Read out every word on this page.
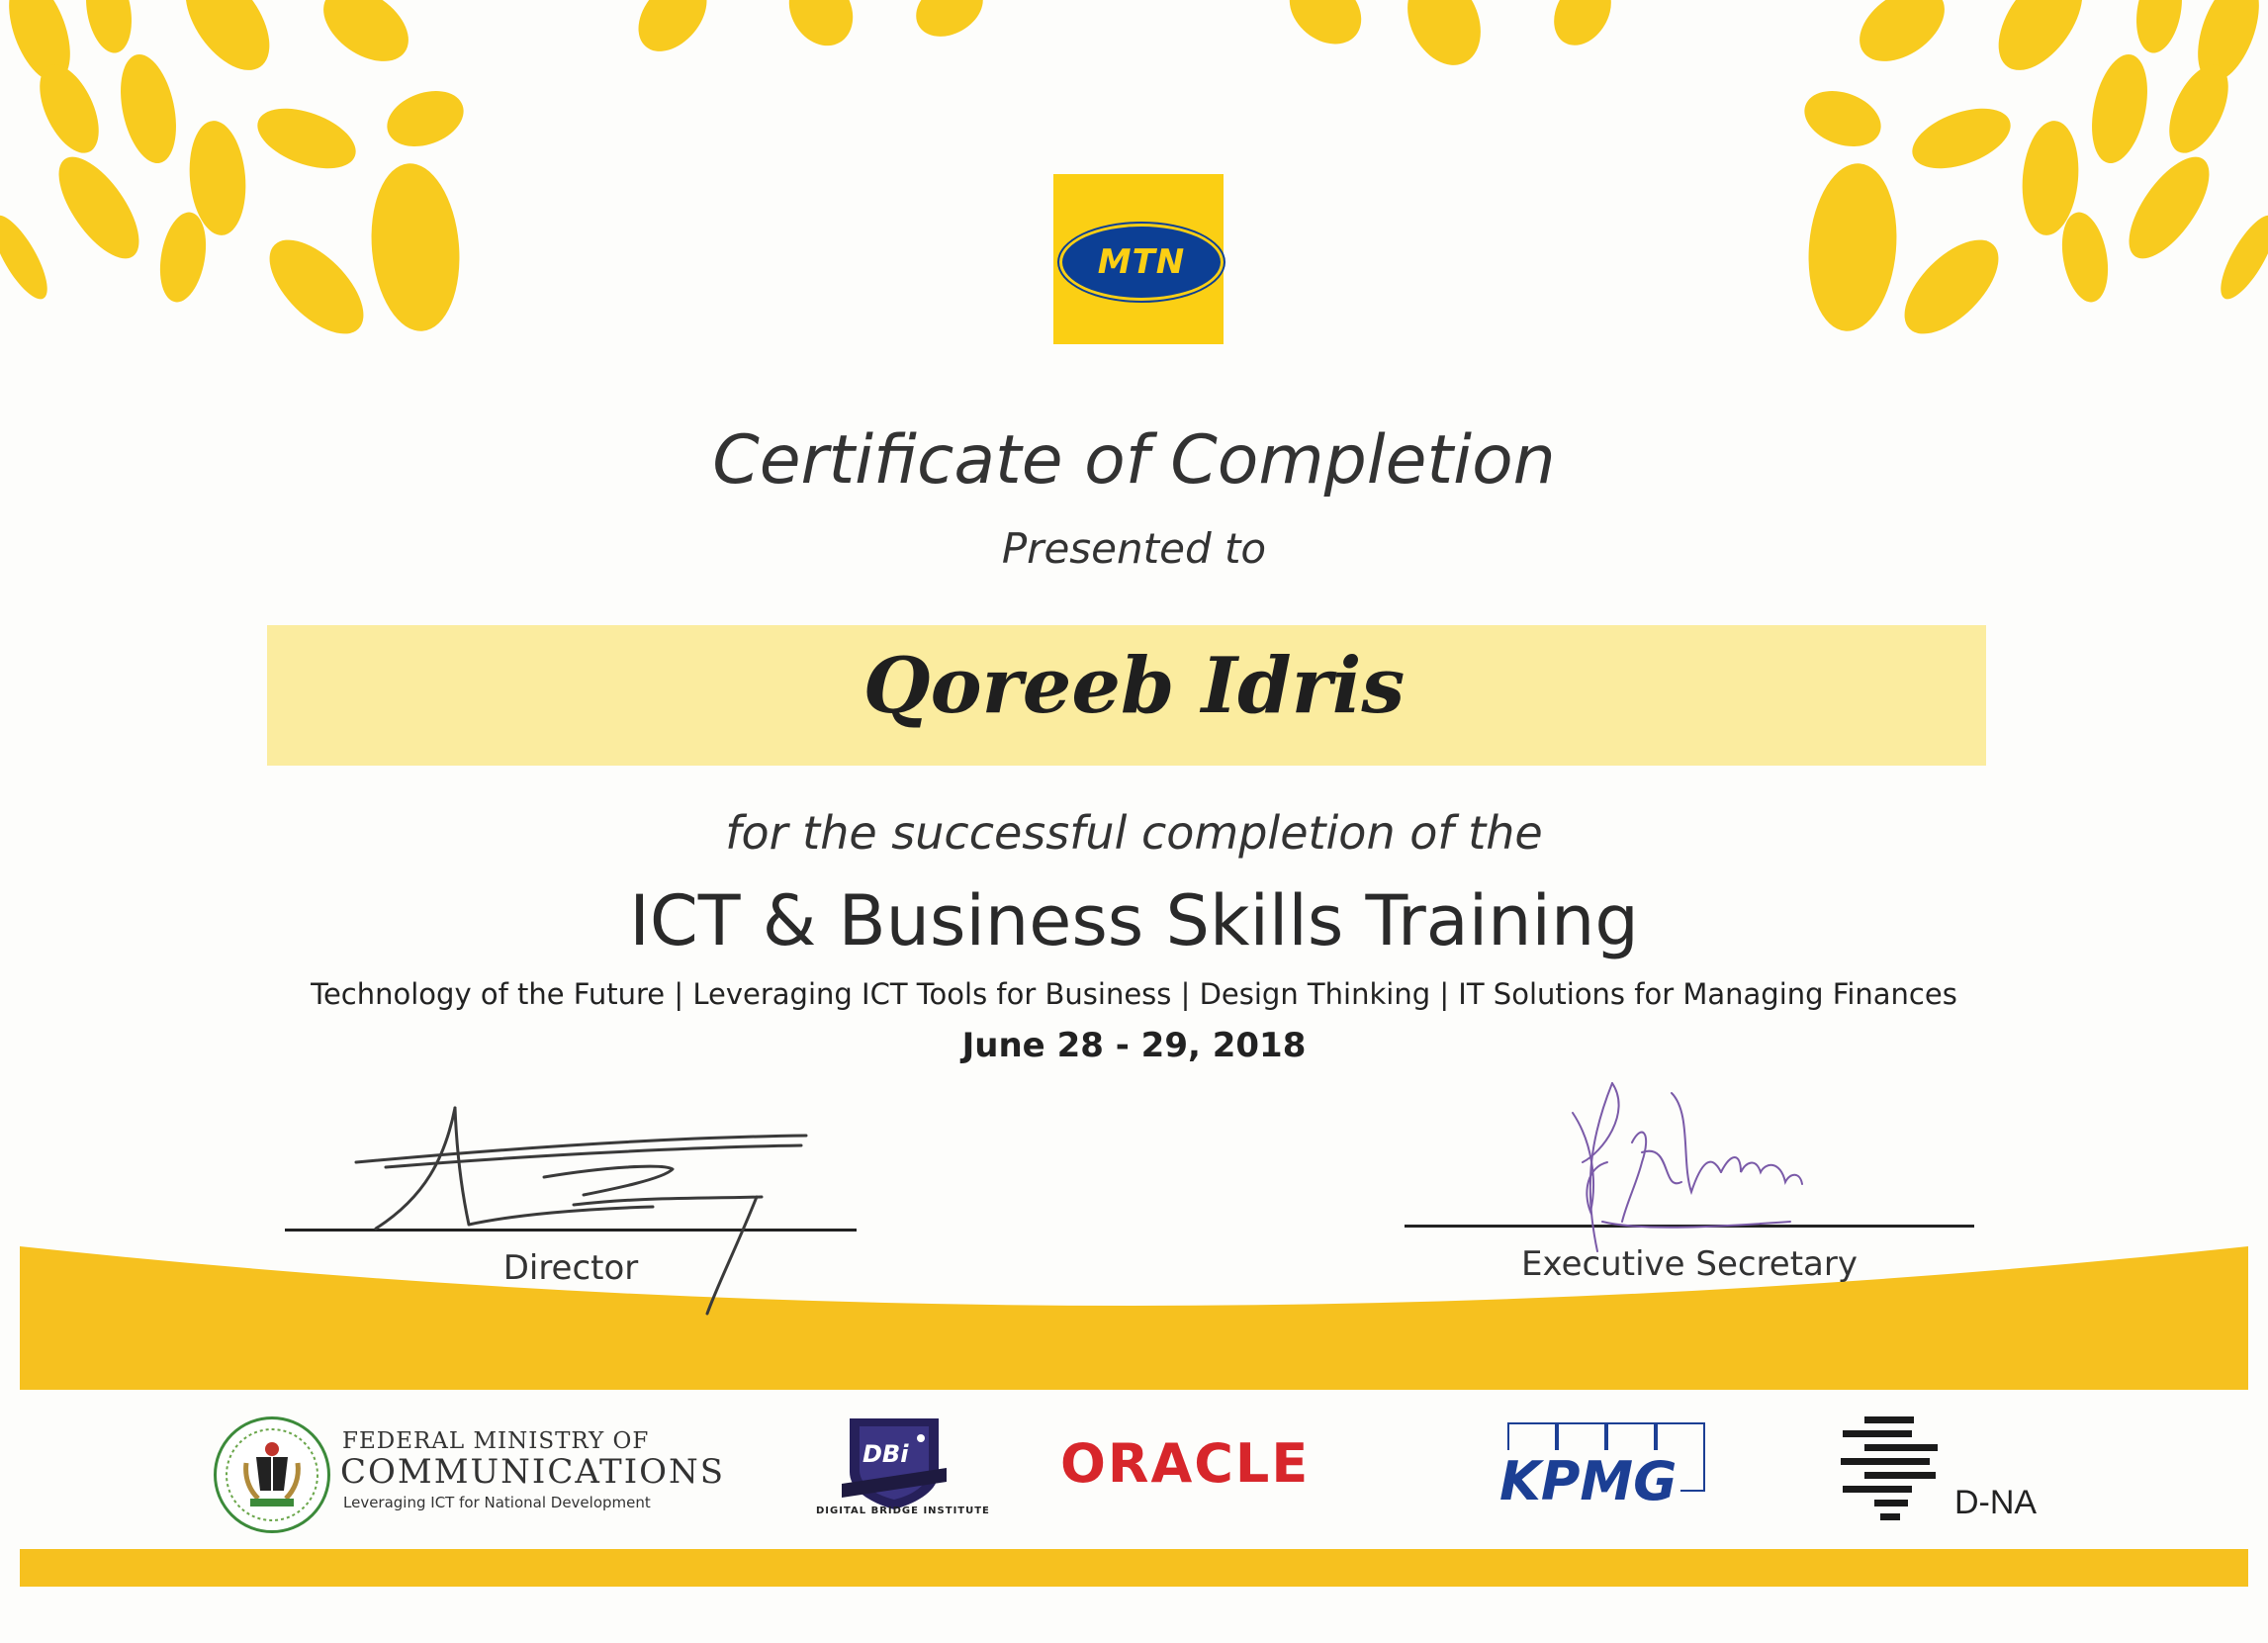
MTN
Certificate of Completion
Presented to
Qoreeb Idris
for the successful completion of the
ICT & Business Skills Training
Technology of the Future | Leveraging ICT Tools for Business | Design Thinking | IT Solutions for Managing Finances
June 28 - 29, 2018
Director	Executive Secretary
FEDERAL MINISTRY OF
COMMUNICATIONS
Leveraging ICT for National Development
DBi
DIGITAL BRIDGE INSTITUTE
ORACLE	KPMG	D-NA
